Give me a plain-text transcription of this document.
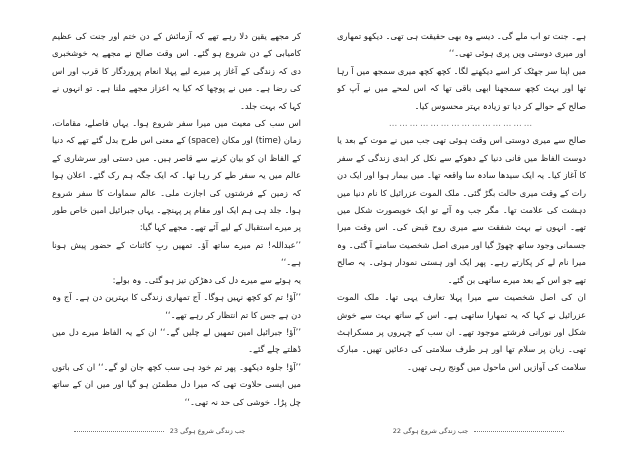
کر مجھے یقین دلا رہے تھے کہ آزمائش کے دن ختم اور جنت کی عظیم کامیابی کے دن شروع ہو گئے۔ اس وقت صالح نے مجھے یہ خوشخبری دی کہ زندگی کے آغاز پر میرے لیے پہلا انعام پروردگار کا قرب اور اس کی رضا ہے۔ میں نے پوچھا کہ کیا یہ اعزاز مجھے ملنا ہے۔ تو انہوں نے کہا کہ بہت جلد۔

اس سب کی معیت میں میرا سفر شروع ہوا۔ یہاں فاصلے، مقامات، زمان (time) اور مکان (space) کے معنی اس طرح بدل گئے تھے کہ دنیا کے الفاظ ان کو بیان کرنے سے قاصر ہیں۔ میں دستی اور سرشاری کے عالم میں یہ سفر طے کر رہا تھا۔ کہ ایک جگہ ہم رک گئے۔ اعلان ہوا کہ زمین کے فرشتوں کی اجازت ملی۔ عالم سماوات کا سفر شروع ہوا۔ جلد ہی ہم ایک اور مقام پر پہنچے۔ یہاں جبرائیل امین خاص طور پر میرے استقبال کے لیے آئے تھے۔ مجھے کہا گیا:

’’عبداللہ! تم میرے ساتھ آؤ۔ تمھیں ربِ کائنات کے حضور پیش ہونا ہے۔‘‘

یہ ہوئے سے میرے دل کی دھڑکن تیز ہو گئی۔ وہ بولے:

’’آؤ! تم کو کچھ نہیں ہوگا۔ آج تمھاری زندگی کا بہترین دن ہے۔ آج وہ دن ہے جس کا تم انتظار کر رہے تھے۔‘‘

’’آؤ! جبرائیل امین تمھیں لے چلیں گے۔‘‘ ان کے یہ الفاظ میرے دل میں ڈھلتے چلے گئے۔

’’آؤ! جلوہ دیکھو۔ پھر تم خود ہی سب کچھ جان لو گے۔‘‘ ان کی باتوں میں ایسی حلاوت تھی کہ میرا دل مطمئن ہو گیا اور میں ان کے ساتھ چل پڑا۔ خوشی کی حد نہ تھی۔‘‘

جب زندگی شروع ہوگی 23

ہے۔ جنت تو اب ملے گی۔ دیسے وہ بھی حقیقت ہی تھی۔ دیکھو تمھاری اور میری دوستی ویں پری ہوئی تھی۔‘‘

میں اپنا سر جھٹک کر اسے دیکھنے لگا۔ کچھ کچھ میری سمجھ میں آ رہا تھا اور بہت کچھ سمجھنا ابھی باقی تھا کہ اس لمحے میں نے آپ کو صالح کے حوالے کر دیا تو زیادہ بہتر محسوس کیا۔

……………………………………

صالح سے میری دوستی اس وقت ہوئی تھی جب میں نے موت کے بعد یا دوست الفاظ میں فانی دنیا کے دھوکے سے نکل کر ابدی زندگی کے سفر کا آغاز کیا۔ یہ ایک سیدھا سادہ سا واقعہ تھا۔ میں بیمار ہوا اور ایک دن رات کے وقت میری حالت بگڑ گئی۔ ملک الموت عزرائیل کا نام دنیا میں دہشت کی علامت تھا۔ مگر جب وہ آئے تو ایک خوبصورت شکل میں تھے۔ انہوں نے بہت شفقت سے میری روح قبض کی۔ اس وقت میرا جسمانی وجود ساتھ چھوڑ گیا اور میری اصل شخصیت سامنے آ گئی۔ وہ میرا نام لے کر پکارتے رہے۔ پھر ایک اور ہستی نمودار ہوئی۔ یہ صالح تھے جو اس کے بعد میرے ساتھی بن گئے۔

ان کی اصل شخصیت سے میرا پہلا تعارف یہی تھا۔ ملک الموت عزرائیل نے کہا کہ یہ تمھارا ساتھی ہے۔ اس کے ساتھ بہت سے خوش شکل اور نورانی فرشتے موجود تھے۔ ان سب کے چہروں پر مسکراہٹ تھی۔ زبان پر سلام تھا اور ہر طرف سلامتی کی دعائیں تھیں۔ مبارک سلامت کی آوازیں اس ماحول میں گونج رہی تھیں۔

جب زندگی شروع ہوگی 22
